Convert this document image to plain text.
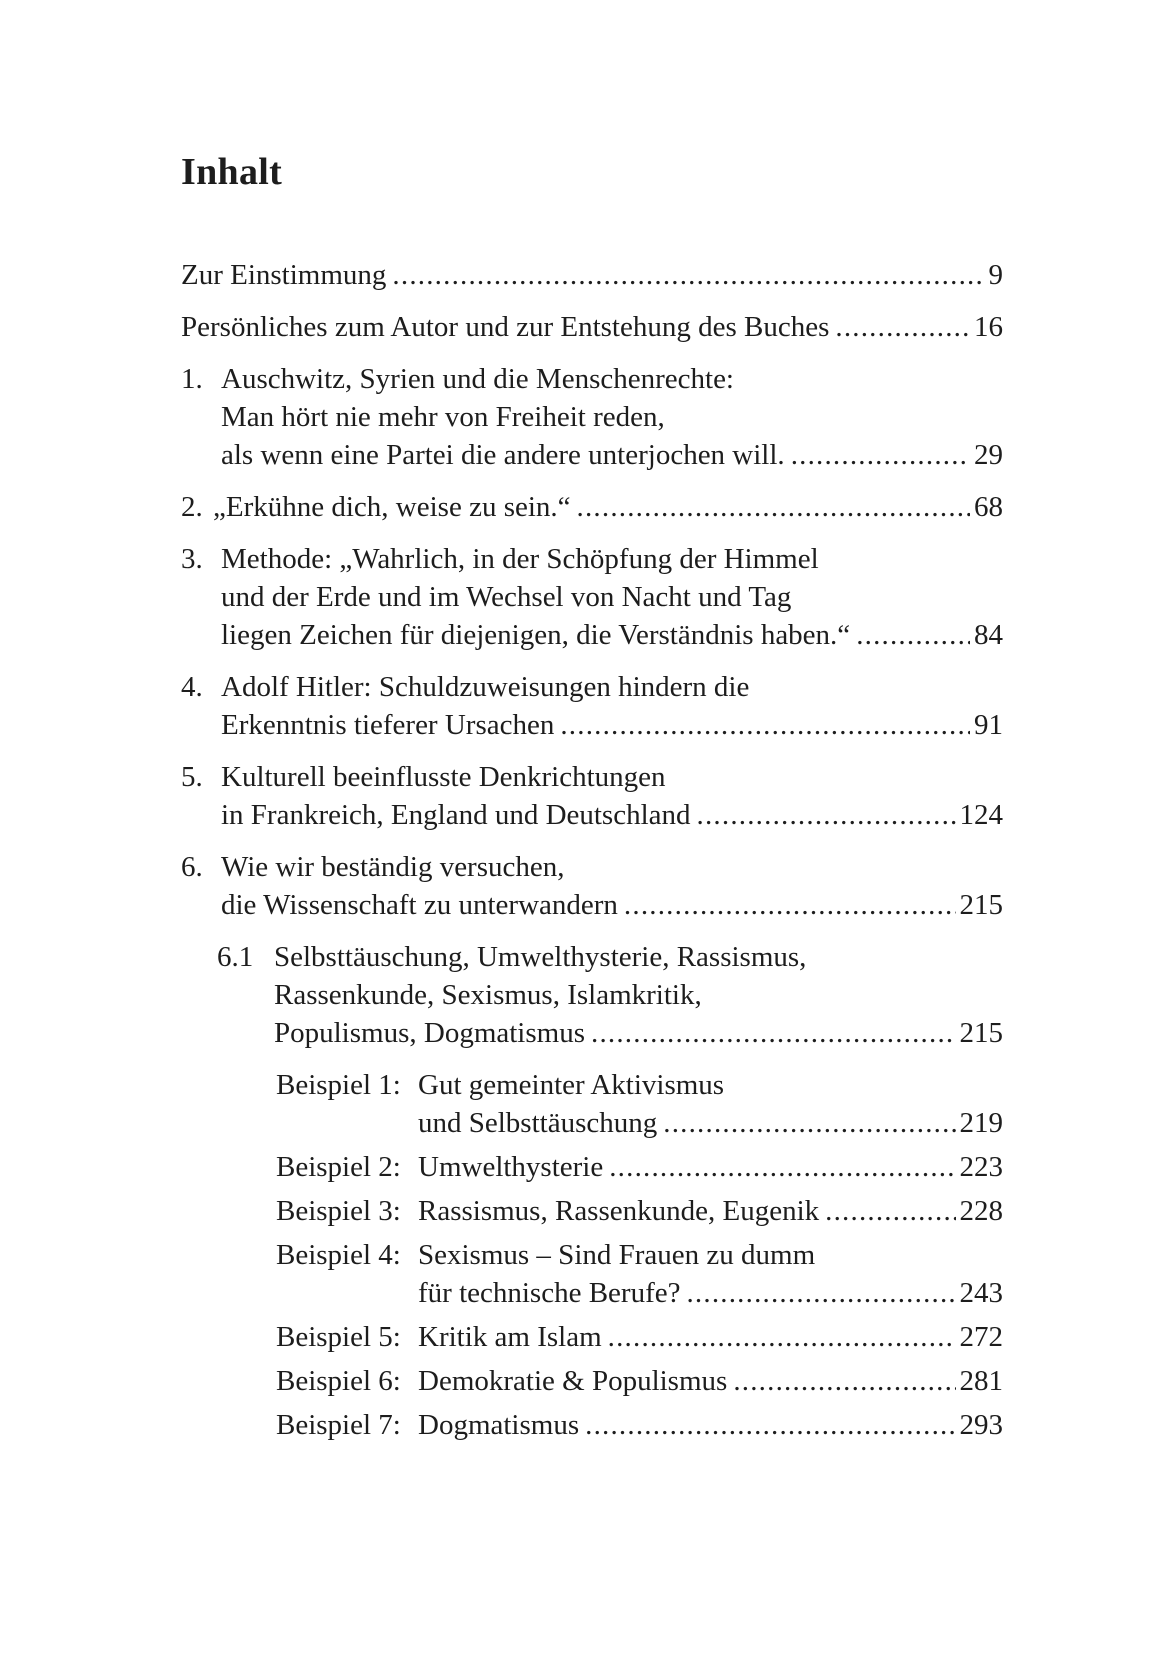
Inhalt
Zur Einstimmung .....	9
Persönliches zum Autor und zur Entstehung des Buches .....	16
1. Auschwitz, Syrien und die Menschenrechte:
Man hört nie mehr von Freiheit reden,
als wenn eine Partei die andere unterjochen will. .....	29
2. „Erkühne dich, weise zu sein.“ .....	68
3. Methode: „Wahrlich, in der Schöpfung der Himmel
und der Erde und im Wechsel von Nacht und Tag
liegen Zeichen für diejenigen, die Verständnis haben.“ .....	84
4. Adolf Hitler: Schuldzuweisungen hindern die
Erkenntnis tieferer Ursachen .....	91
5. Kulturell beeinflusste Denkrichtungen
in Frankreich, England und Deutschland .....	124
6. Wie wir beständig versuchen,
die Wissenschaft zu unterwandern .....	215
6.1 Selbsttäuschung, Umwelthysterie, Rassismus,
Rassenkunde, Sexismus, Islamkritik,
Populismus, Dogmatismus .....	215
Beispiel 1: Gut gemeinter Aktivismus
und Selbsttäuschung .....	219
Beispiel 2: Umwelthysterie .....	223
Beispiel 3: Rassismus, Rassenkunde, Eugenik .....	228
Beispiel 4: Sexismus – Sind Frauen zu dumm
für technische Berufe? .....	243
Beispiel 5: Kritik am Islam .....	272
Beispiel 6: Demokratie & Populismus .....	281
Beispiel 7: Dogmatismus .....	293
